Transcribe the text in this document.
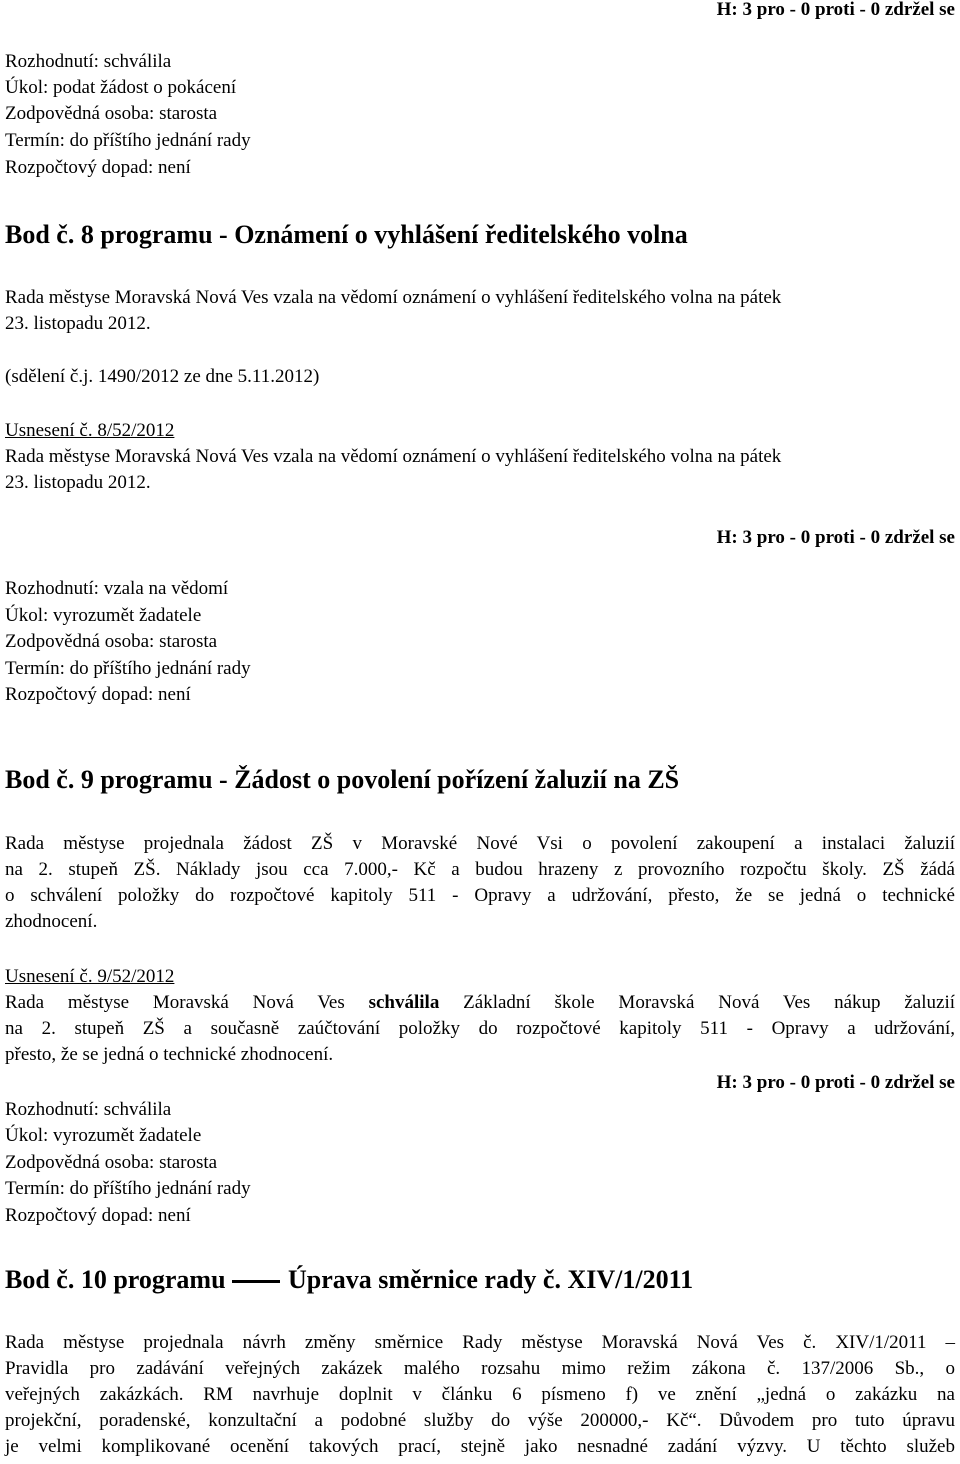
H: 3 pro - 0 proti - 0 zdržel se
Rozhodnutí: schválila
Úkol: podat žádost o pokácení
Zodpovědná osoba: starosta
Termín: do příštího jednání rady
Rozpočtový dopad: není
Bod č. 8 programu - Oznámení o vyhlášení ředitelského volna
Rada městyse Moravská Nová Ves vzala na vědomí oznámení o vyhlášení ředitelského volna na pátek
23. listopadu 2012.
(sdělení č.j. 1490/2012 ze dne 5.11.2012)
Usnesení č. 8/52/2012
Rada městyse Moravská Nová Ves vzala na vědomí oznámení o vyhlášení ředitelského volna na pátek
23. listopadu 2012.
H: 3 pro - 0 proti - 0 zdržel se
Rozhodnutí: vzala na vědomí
Úkol: vyrozumět žadatele
Zodpovědná osoba: starosta
Termín: do příštího jednání rady
Rozpočtový dopad: není
Bod č. 9 programu - Žádost o povolení pořízení žaluzií na ZŠ
Rada městyse projednala žádost ZŠ v Moravské Nové Vsi o povolení zakoupení a instalaci žaluzií
na 2. stupeň ZŠ. Náklady jsou cca 7.000,- Kč a budou hrazeny z provozního rozpočtu školy. ZŠ žádá
o schválení položky do rozpočtové kapitoly 511 - Opravy a udržování, přesto, že se jedná o technické
zhodnocení.
Usnesení č. 9/52/2012
Rada městyse Moravská Nová Ves schválila Základní škole Moravská Nová Ves nákup žaluzií
na 2. stupeň ZŠ a současně zaúčtování položky do rozpočtové kapitoly 511 - Opravy a udržování,
přesto, že se jedná o technické zhodnocení.
H: 3 pro - 0 proti - 0 zdržel se
Rozhodnutí: schválila
Úkol: vyrozumět žadatele
Zodpovědná osoba: starosta
Termín: do příštího jednání rady
Rozpočtový dopad: není
Bod č. 10 programu Úprava směrnice rady č. XIV/1/2011
Rada městyse projednala návrh změny směrnice Rady městyse Moravská Nová Ves č. XIV/1/2011 –
Pravidla pro zadávání veřejných zakázek malého rozsahu mimo režim zákona č. 137/2006 Sb., o
veřejných zakázkách. RM navrhuje doplnit v článku 6 písmeno f) ve znění „jedná o zakázku na
projekční, poradenské, konzultační a podobné služby do výše 200000,- Kč“. Důvodem pro tuto úpravu
je velmi komplikované ocenění takových prací, stejně jako nesnadné zadání výzvy. U těchto služeb
